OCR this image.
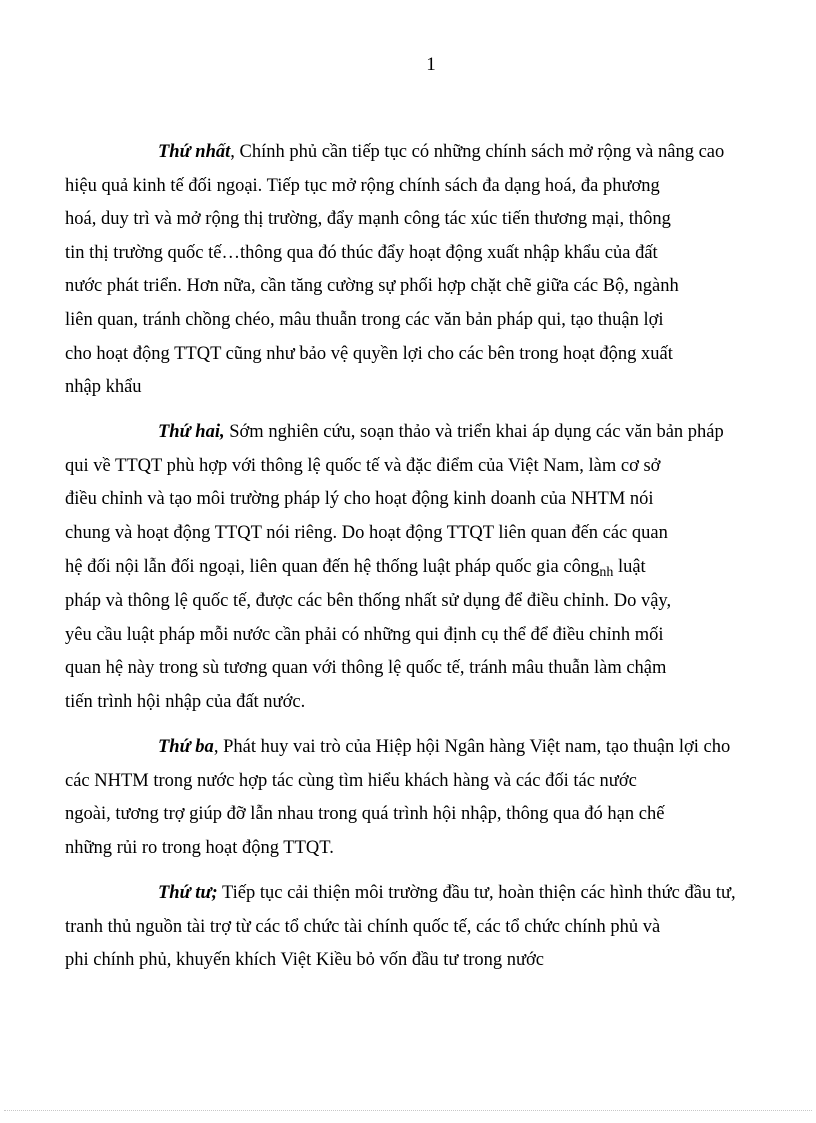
1
Thứ nhất, Chính phủ cần tiếp tục có những chính sách mở rộng và nâng cao
hiệu quả kinh tế đối ngoại. Tiếp tục mở rộng chính sách đa dạng hoá, đa phương
hoá, duy trì và mở rộng thị trường, đẩy mạnh công tác xúc tiến thương mại, thông
tin thị trường quốc tế…thông qua đó thúc đẩy hoạt động xuất nhập khẩu của đất
nước phát triển. Hơn nữa, cần tăng cường sự phối hợp chặt chẽ giữa các Bộ, ngành
liên quan, tránh chồng chéo, mâu thuẫn trong các văn bản pháp qui, tạo thuận lợi
cho hoạt động TTQT cũng như bảo vệ quyền lợi cho các bên trong hoạt động xuất
nhập khẩu
Thứ hai, Sớm nghiên cứu, soạn thảo và triển khai áp dụng các văn bản pháp
qui về TTQT phù hợp với thông lệ quốc tế và đặc điểm của Việt Nam, làm cơ sở
điều chỉnh và tạo môi trường pháp lý cho hoạt động kinh doanh của NHTM nói
chung và hoạt động TTQT nói riêng. Do hoạt động TTQT liên quan đến các quan
hệ đối nội lẫn đối ngoại, liên quan đến hệ thống luật pháp quốc gia công$_{nh}$ luật
pháp và thông lệ quốc tế, được các bên thống nhất sử dụng để điều chỉnh. Do vậy,
yêu cầu luật pháp mỗi nước cần phải có những qui định cụ thể để điều chỉnh mối
quan hệ này trong sù tương quan với thông lệ quốc tế, tránh mâu thuẫn làm chậm
tiến trình hội nhập của đất nước.
Thứ ba, Phát huy vai trò của Hiệp hội Ngân hàng Việt nam, tạo thuận lợi cho
các NHTM trong nước hợp tác cùng tìm hiểu khách hàng và các đối tác nước
ngoài, tương trợ giúp đỡ lẫn nhau trong quá trình hội nhập, thông qua đó hạn chế
những rủi ro trong hoạt động TTQT.
Thứ tư; Tiếp tục cải thiện môi trường đầu tư, hoàn thiện các hình thức đầu tư,
tranh thủ nguồn tài trợ từ các tổ chức tài chính quốc tế, các tổ chức chính phủ và
phi chính phủ, khuyến khích Việt Kiều bỏ vốn đầu tư trong nước
